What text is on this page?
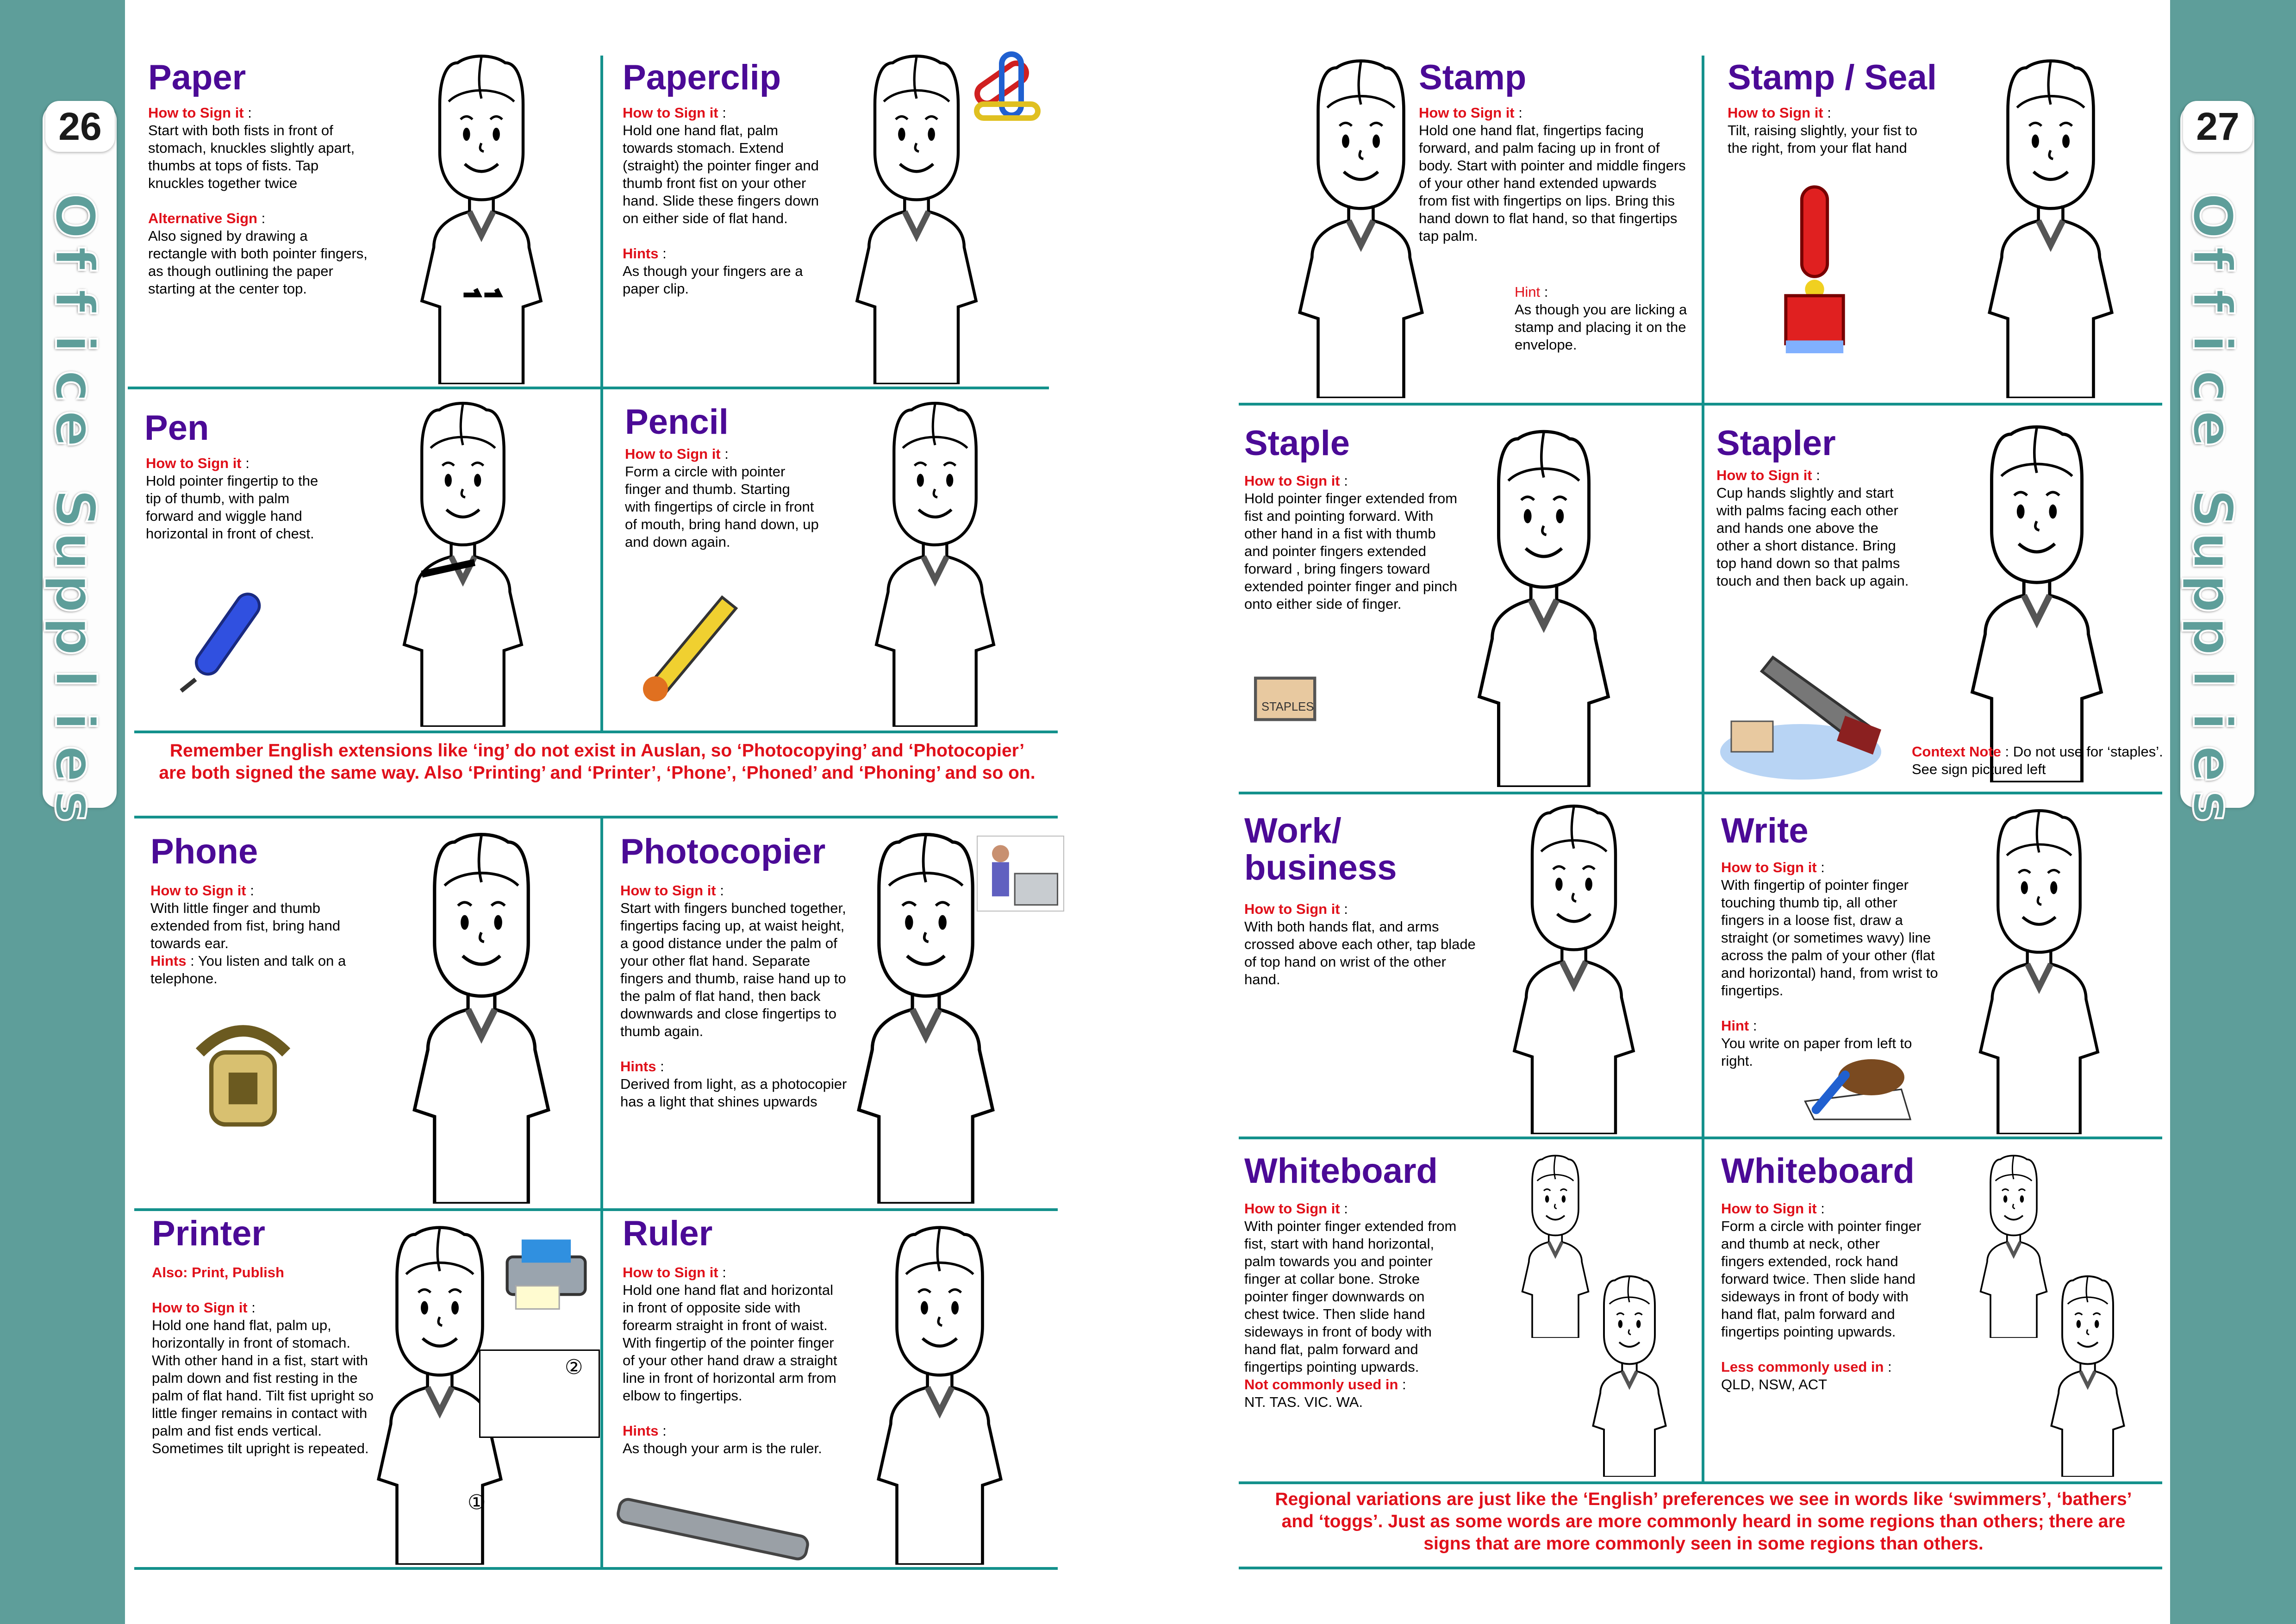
26
O
f
f
i
c
e
S
u
p
p
l
i
e
s
27
O
f
f
i
c
e
S
u
p
p
l
i
e
s
Paper
How to Sign it :
Start with both fists in front of stomach, knuckles slightly apart, thumbs at tops of fists. Tap knuckles together twice

Alternative Sign :
Also signed by drawing a rectangle with both pointer fingers, as though outlining the paper starting at the center top.
Paperclip
How to Sign it :
Hold one hand flat, palm towards stomach. Extend (straight) the pointer finger and thumb front fist on your other hand. Slide these fingers down on either side of flat hand.

Hints :
As though your fingers are a paper clip.
Pen
How to Sign it :
Hold pointer fingertip to the tip of thumb, with palm forward and wiggle hand horizontal in front of chest.
Pencil
How to Sign it :
Form a circle with pointer finger and thumb. Starting with fingertips of circle in front of mouth, bring hand down, up and down again.
Remember English extensions like ‘ing’ do not exist in Auslan, so ‘Photocopying’ and ‘Photocopier’ are both signed the same way. Also ‘Printing’ and ‘Printer’, ‘Phone’, ‘Phoned’ and ‘Phoning’ and so on.
Phone
How to Sign it :
With little finger and thumb extended from fist, bring hand towards ear.
Hints : You listen and talk on a telephone.
Photocopier
How to Sign it :
Start with fingers bunched together, fingertips facing up, at waist height, a good distance under the palm of your other flat hand. Separate fingers and thumb, raise hand up to the palm of flat hand, then back downwards and close fingertips to thumb again.

Hints :
Derived from light, as a photocopier has a light that shines upwards
Printer
Also: Print, Publish

How to Sign it :
Hold one hand flat, palm up, horizontally in front of stomach. With other hand in a fist, start with palm down and fist resting in the palm of flat hand. Tilt fist upright so little finger remains in contact with palm and fist ends vertical. Sometimes tilt upright is repeated.
②
①
Ruler
How to Sign it :
Hold one hand flat and horizontal in front of opposite side with forearm straight in front of waist. With fingertip of the pointer finger of your other hand draw a straight line in front of horizontal arm from elbow to fingertips.

Hints :
As though your arm is the ruler.
Stamp
How to Sign it :
Hold one hand flat, fingertips facing forward, and palm facing up in front of body. Start with pointer and middle fingers of your other hand extended upwards from fist with fingertips on lips. Bring this hand down to flat hand, so that fingertips tap palm.
Hint :
As though you are licking a stamp and placing it on the envelope.
Stamp / Seal
How to Sign it :
Tilt, raising slightly, your fist to the right, from your flat hand
Staple
How to Sign it :
Hold pointer finger extended from fist and pointing forward. With other hand in a fist with thumb and pointer fingers extended forward , bring fingers toward extended pointer finger and pinch onto either side of finger.
STAPLES
Stapler
How to Sign it :
Cup hands slightly and start with palms facing each other and hands one above the other a short distance. Bring top hand down so that palms touch and then back up again.
Context Note : Do not use for ‘staples’. See sign pictured left
Work/ business
How to Sign it :
With both hands flat, and arms crossed above each other, tap blade of top hand on wrist of the other hand.
Write
How to Sign it :
With fingertip of pointer finger touching thumb tip, all other fingers in a loose fist, draw a straight (or sometimes wavy) line across the palm of your other (flat and horizontal) hand, from wrist to fingertips.

Hint :
You write on paper from left to right.
Whiteboard
How to Sign it :
With pointer finger extended from fist, start with hand horizontal, palm towards you and pointer finger at collar bone. Stroke pointer finger downwards on chest twice. Then slide hand sideways in front of body with hand flat, palm forward and fingertips pointing upwards.
Not commonly used in :
NT. TAS. VIC. WA.
Whiteboard
How to Sign it :
Form a circle with pointer finger and thumb at neck, other fingers extended, rock hand forward twice. Then slide hand sideways in front of body with hand flat, palm forward and fingertips pointing upwards.

Less commonly used in :
QLD, NSW, ACT
Regional variations are just like the ‘English’ preferences we see in words like ‘swimmers’, ‘bathers’ and ‘toggs’. Just as some words are more commonly heard in some regions than others; there are signs that are more commonly seen in some regions than others.
